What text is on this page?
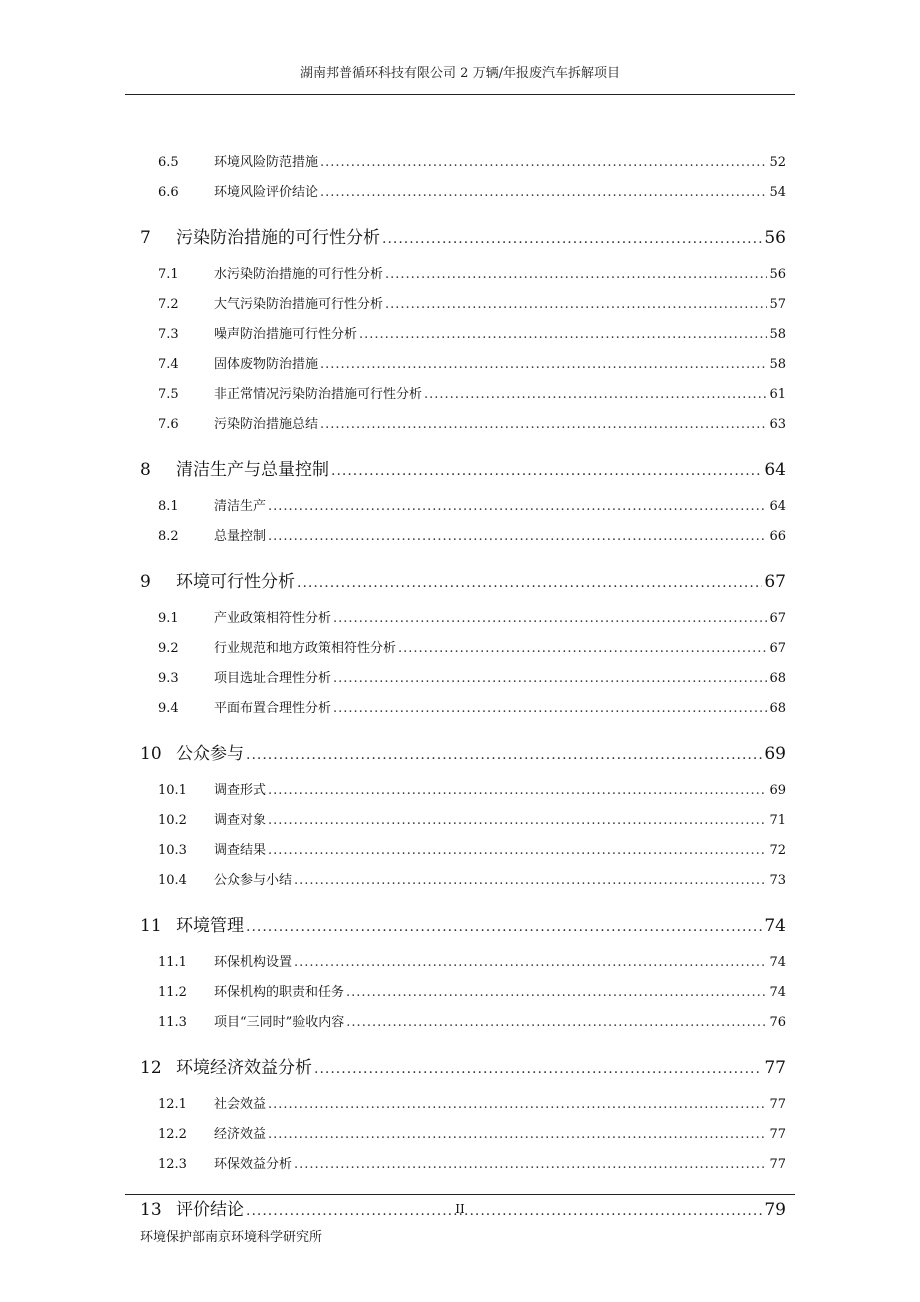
湖南邦普循环科技有限公司 2 万辆/年报废汽车拆解项目
6.5	环境风险防范措施 .....	52
6.6	环境风险评价结论 .....	54
7	污染防治措施的可行性分析 .....	56
7.1	水污染防治措施的可行性分析 .....	56
7.2	大气污染防治措施可行性分析 .....	57
7.3	噪声防治措施可行性分析 .....	58
7.4	固体废物防治措施 .....	58
7.5	非正常情况污染防治措施可行性分析 .....	61
7.6	污染防治措施总结 .....	63
8	清洁生产与总量控制 .....	64
8.1	清洁生产 .....	64
8.2	总量控制 .....	66
9	环境可行性分析 .....	67
9.1	产业政策相符性分析 .....	67
9.2	行业规范和地方政策相符性分析 .....	67
9.3	项目选址合理性分析 .....	68
9.4	平面布置合理性分析 .....	68
10 公众参与 .....	69
10.1	调查形式 .....	69
10.2	调查对象 .....	71
10.3	调查结果 .....	72
10.4	公众参与小结 .....	73
11 环境管理 .....	74
11.1	环保机构设置 .....	74
11.2	环保机构的职责和任务 .....	74
11.3	项目“三同时”验收内容 .....	76
12 环境经济效益分析 .....	77
12.1	社会效益 .....	77
12.2	经济效益 .....	77
12.3	环保效益分析 .....	77
13 评价结论 .....	79
II
环境保护部南京环境科学研究所
